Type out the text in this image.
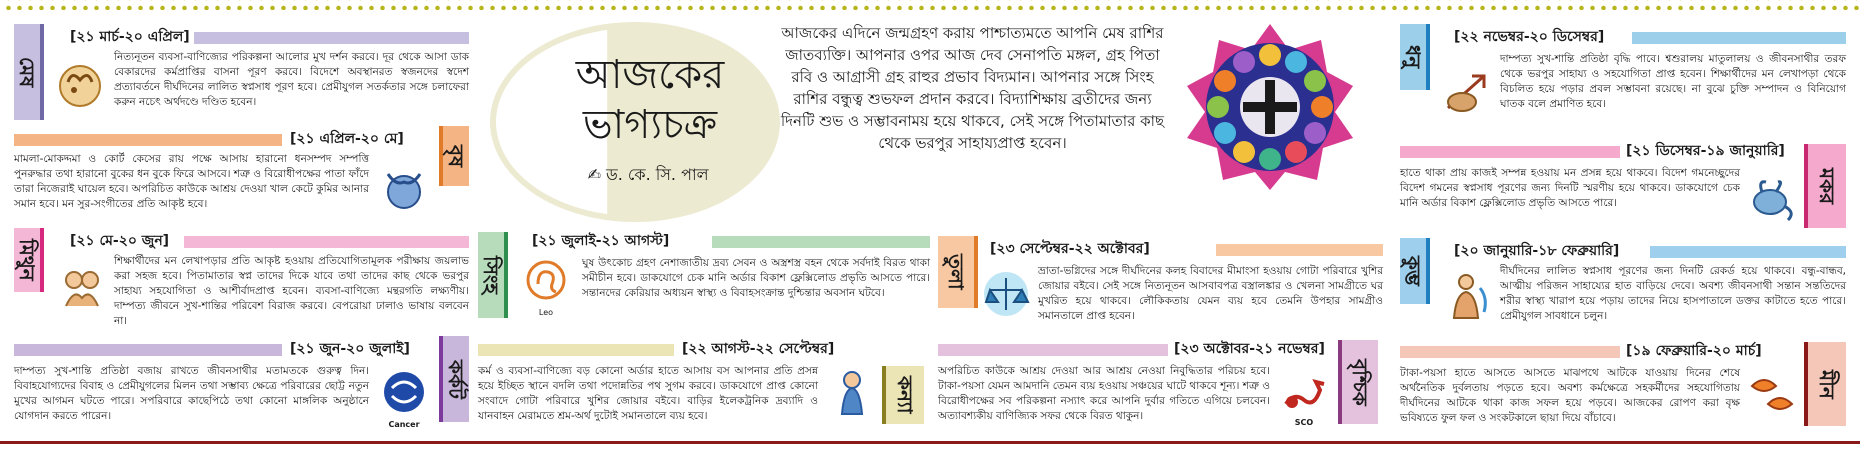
মেষ
[২১ মার্চ-২০ এপ্রিল]
নিত্যনূতন ব্যবসা-বাণিজ্যের পরিকল্পনা আলোর মুখ দর্শন করবে। দূর থেকে আসা ডাক বেকারদের কর্মপ্রাপ্তির বাসনা পূরণ করবে। বিদেশে অবস্থানরত স্বজনদের স্বদেশ প্রত্যাবর্তনে দীর্ঘদিনের লালিত স্বপ্নসাধ পূরণ হবে। প্রেমীযুগল সতর্কতার সঙ্গে চলাফেরা করুন নচেৎ অর্থদণ্ডে দণ্ডিত হবেন।
[২১ এপ্রিল-২০ মে]
বৃষ
মামলা-মোকদ্দমা ও কোর্ট কেসের রায় পক্ষে আসায় হারানো ধনসম্পদ সম্পত্তি পুনরুদ্ধার তথা হারানো বুকের ধন বুকে ফিরে আসবে। শত্রু ও বিরোধীপক্ষের পাতা ফাঁদে তারা নিজেরাই ঘায়েল হবে। অপরিচিত কাউকে আশ্রয় দেওয়া খাল কেটে কুমির আনার সমান হবে। মন সুর-সংগীতের প্রতি আকৃষ্ট হবে।
মিথুন [২১ মে-২০ জুন]
শিক্ষার্থীদের মন লেখাপড়ার প্রতি আকৃষ্ট হওয়ায় প্রতিযোগিতামূলক পরীক্ষায় জয়লাভ করা সহজ হবে। পিতামাতার স্বপ্ন তাদের দিকে যাবে তথা তাদের কাছ থেকে ভরপুর সাহায্য সহযোগিতা ও আশীর্বাদপ্রাপ্ত হবেন। ব্যবসা-বাণিজ্যে মন্থরগতি লক্ষ্যণীয়। দাম্পত্য জীবনে সুখ-শান্তির পরিবেশ বিরাজ করবে। বেপরোয়া ঢালাও ভাষায় বলবেন না।
[২১ জুন-২০ জুলাই]
কর্কট
Cancer
দাম্পত্য সুখ-শান্তি প্রতিষ্ঠা বজায় রাখতে জীবনসাথীর মতামতকে গুরুত্ব দিন। বিবাহযোগ্যদের বিবাহ ও প্রেমীযুগলের মিলন তথা সম্ভাব্য ক্ষেত্রে পরিবারের ছোট্ট নতুন মুখের আগমন ঘটতে পারে। সপরিবারে কাছেপিঠে তথা কোনো মাঙ্গলিক অনুষ্ঠানে যোগদান করতে পারেন।
আজকের ভাগ্যচক্র
✍ ড. কে. সি. পাল
আজকের এদিনে জন্মগ্রহণ করায় পাশ্চাত্যমতে আপনি মেষ রাশির জাতব্যক্তি। আপনার ওপর আজ দেব সেনাপতি মঙ্গল, গ্রহ পিতা রবি ও আগ্রাসী গ্রহ রাহুর প্রভাব বিদ্যমান। আপনার সঙ্গে সিংহ রাশির বন্ধুত্ব শুভফল প্রদান করবে। বিদ্যাশিক্ষায় ব্রতীদের জন্য দিনটি শুভ ও সম্ভাবনাময় হয়ে থাকবে, সেই সঙ্গে পিতামাতার কাছ থেকে ভরপুর সাহায্যপ্রাপ্ত হবেন।
সিংহ
[২১ জুলাই-২১ আগস্ট]
Leo
ঘুষ উৎকোচ গ্রহণ নেশাজাতীয় দ্রব্য সেবন ও অস্ত্রশস্ত্র বহন থেকে সর্বদাই বিরত থাকা সমীচীন হবে। ডাকযোগে চেক মানি অর্ডার বিকাশ ফ্লেক্সিলোড প্রভৃতি আসতে পারে। সন্তানদের কেরিয়ার অধ্যয়ন স্বাস্থ্য ও বিবাহসংক্রান্ত দুশ্চিন্তার অবসান ঘটবে।
[২২ আগস্ট-২২ সেপ্টেম্বর]
কন্যা
কর্ম ও ব্যবসা-বাণিজ্যে বড় কোনো অর্ডার হাতে আসায় বস আপনার প্রতি প্রসন্ন হয়ে ইচ্ছিত স্থানে বদলি তথা পদোন্নতির পথ সুগম করবে। ডাকযোগে প্রাপ্ত কোনো সংবাদে গোটা পরিবারে খুশির জোয়ার বইবে। বাড়ির ইলেকট্রনিক দ্রব্যাদি ও যানবাহন মেরামতে শ্রম-অর্থ দুটোই সমানতালে ব্যয় হবে।
তুলা
[২৩ সেপ্টেম্বর-২২ অক্টোবর]
ভ্রাতা-ভগ্নিদের সঙ্গে দীর্ঘদিনের কলহ বিবাদের মীমাংসা হওয়ায় গোটা পরিবারে খুশির জোয়ার বইবে। সেই সঙ্গে নিত্যনূতন আসবাবপত্র বস্ত্রালঙ্কার ও খেলনা সামগ্রীতে ঘর মুখরিত হয়ে থাকবে। লৌকিকতায় যেমন ব্যয় হবে তেমনি উপহার সামগ্রীও সমানতালে প্রাপ্ত হবেন।
[২৩ অক্টোবর-২১ নভেম্বর]
বৃশ্চিক
SCO
অপরিচিত কাউকে আশ্রয় দেওয়া আর আশ্রয় নেওয়া নিবুদ্ধিতার পরিচয় হবে। টাকা-পয়সা যেমন আমদানি তেমন ব্যয় হওয়ায় সঞ্চয়ের ঘাটে থাকবে শূন্য। শত্রু ও বিরোধীপক্ষের সব পরিকল্পনা নস্যাৎ করে আপনি দুর্বার গতিতে এগিয়ে চলবেন। অত্যাবশ্যকীয় বাণিজ্যিক সফর থেকে বিরত থাকুন।
ধনু
[২২ নভেম্বর-২০ ডিসেম্বর]
দাম্পত্য সুখ-শান্তি প্রতিষ্ঠা বৃদ্ধি পাবে। শ্বশুরালয় মাতুলালয় ও জীবনসাথীর তরফ থেকে ভরপুর সাহায্য ও সহযোগিতা প্রাপ্ত হবেন। শিক্ষার্থীদের মন লেখাপড়া থেকে বিচলিত হয়ে পড়ার প্রবল সম্ভাবনা রয়েছে। না বুঝে চুক্তি সম্পাদন ও বিনিয়োগ ঘাতক বলে প্রমাণিত হবে।
[২১ ডিসেম্বর-১৯ জানুয়ারি]
মকর
হাতে থাকা প্রায় কাজই সম্পন্ন হওয়ায় মন প্রসন্ন হয়ে থাকবে। বিদেশ গমনেচ্ছুদের বিদেশ গমনের স্বপ্নসাধ পূরণের জন্য দিনটি স্মরণীয় হয়ে থাকবে। ডাকযোগে চেক মানি অর্ডার বিকাশ ফ্লেক্সিলোড প্রভৃতি আসতে পারে।
কুম্ভ
[২০ জানুয়ারি-১৮ ফেব্রুয়ারি]
দীর্ঘদিনের লালিত স্বপ্নসাধ পূরণের জন্য দিনটি রেকর্ড হয়ে থাকবে। বন্ধু-বান্ধব, আত্মীয় পরিজন সাহায্যের হাত বাড়িয়ে দেবে। অবশ্য জীবনসাথী সন্তান সন্ততিদের শরীর স্বাস্থ্য খারাপ হয়ে পড়ায় তাদের নিয়ে হাসপাতালে ডক্তর কাটাতে হতে পারে। প্রেমীযুগল সাবধানে চলুন।
[১৯ ফেব্রুয়ারি-২০ মার্চ]
মীন
টাকা-পয়সা হাতে আসতে আসতে মাঝপথে আটকে যাওয়ায় দিনের শেষে অর্থনৈতিক দুর্বলতায় পড়তে হবে। অবশ্য কর্মক্ষেত্রে সহকর্মীদের সহযোগিতায় দীর্ঘদিনের আটকে থাকা কাজ সফল হয়ে পড়বে। আজকের রোপণ করা বৃক্ষ ভবিষ্যতে ফুল ফল ও সংকটকালে ছায়া দিয়ে বাঁচাবে।
